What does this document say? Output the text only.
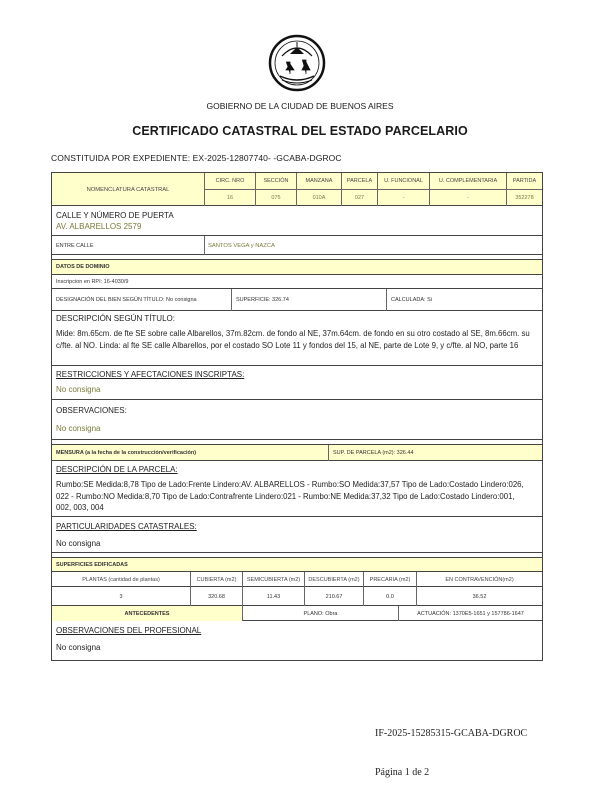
GOBIERNO DE LA CIUDAD DE BUENOS AIRES
CERTIFICADO CATASTRAL DEL ESTADO PARCELARIO
CONSTITUIDA POR EXPEDIENTE: EX-2025-12807740- -GCABA-DGROC
NOMENCLATURA CATASTRAL
CIRC. NRO	SECCIÓN	MANZANA	PARCELA	U. FUNCIONAL	U. COMPLEMENTARIA	PARTIDA
16	075	010A	027	-	-	352278
CALLE Y NÚMERO DE PUERTA
AV. ALBARELLOS 2579
ENTRE CALLE	SANTOS VEGA y NAZCA
DATOS DE DOMINIO
Inscripcion en RPI: 16-4030/9
DESIGNACIÓN DEL BIEN SEGÚN TÍTULO: No consigna	SUPERFICIE: 326.74	CALCULADA: Si
DESCRIPCIÓN SEGÚN TÍTULO:
Mide: 8m.65cm. de fte SE sobre calle Albarellos, 37m.82cm. de fondo al NE, 37m.64cm. de fondo en su otro costado al SE, 8m.66cm. su c/fte. al NO. Linda: al fte SE calle Albarellos, por el costado SO Lote 11 y fondos del 15, al NE, parte de Lote 9, y c/fte. al NO, parte 16
RESTRICCIONES Y AFECTACIONES INSCRIPTAS:
No consigna
OBSERVACIONES:
No consigna
MENSURA (a la fecha de la construcción/verificación)	SUP. DE PARCELA (m2): 326.44
DESCRIPCIÓN DE LA PARCELA:
Rumbo:SE Medida:8,78 Tipo de Lado:Frente Lindero:AV. ALBARELLOS - Rumbo:SO Medida:37,57 Tipo de Lado:Costado Lindero:026, 022 - Rumbo:NO Medida:8,70 Tipo de Lado:Contrafrente Lindero:021 - Rumbo:NE Medida:37,32 Tipo de Lado:Costado Lindero:001, 002, 003, 004
PARTICULARIDADES CATASTRALES:
No consigna
SUPERFICIES EDIFICADAS
PLANTAS (cantidad de plantas)	CUBIERTA (m2)	SEMICUBIERTA (m2)	DESCUBIERTA (m2)	PRECARIA (m2)	EN CONTRAVENCIÓN(m2)
3	320.68	11.43	210.67	0.0	36.52
ANTECEDENTES	PLANO: Obra	ACTUACIÓN: 1370E5-1651 y 157786-1647
OBSERVACIONES DEL PROFESIONAL
No consigna
IF-2025-15285315-GCABA-DGROC
Página 1 de 2
